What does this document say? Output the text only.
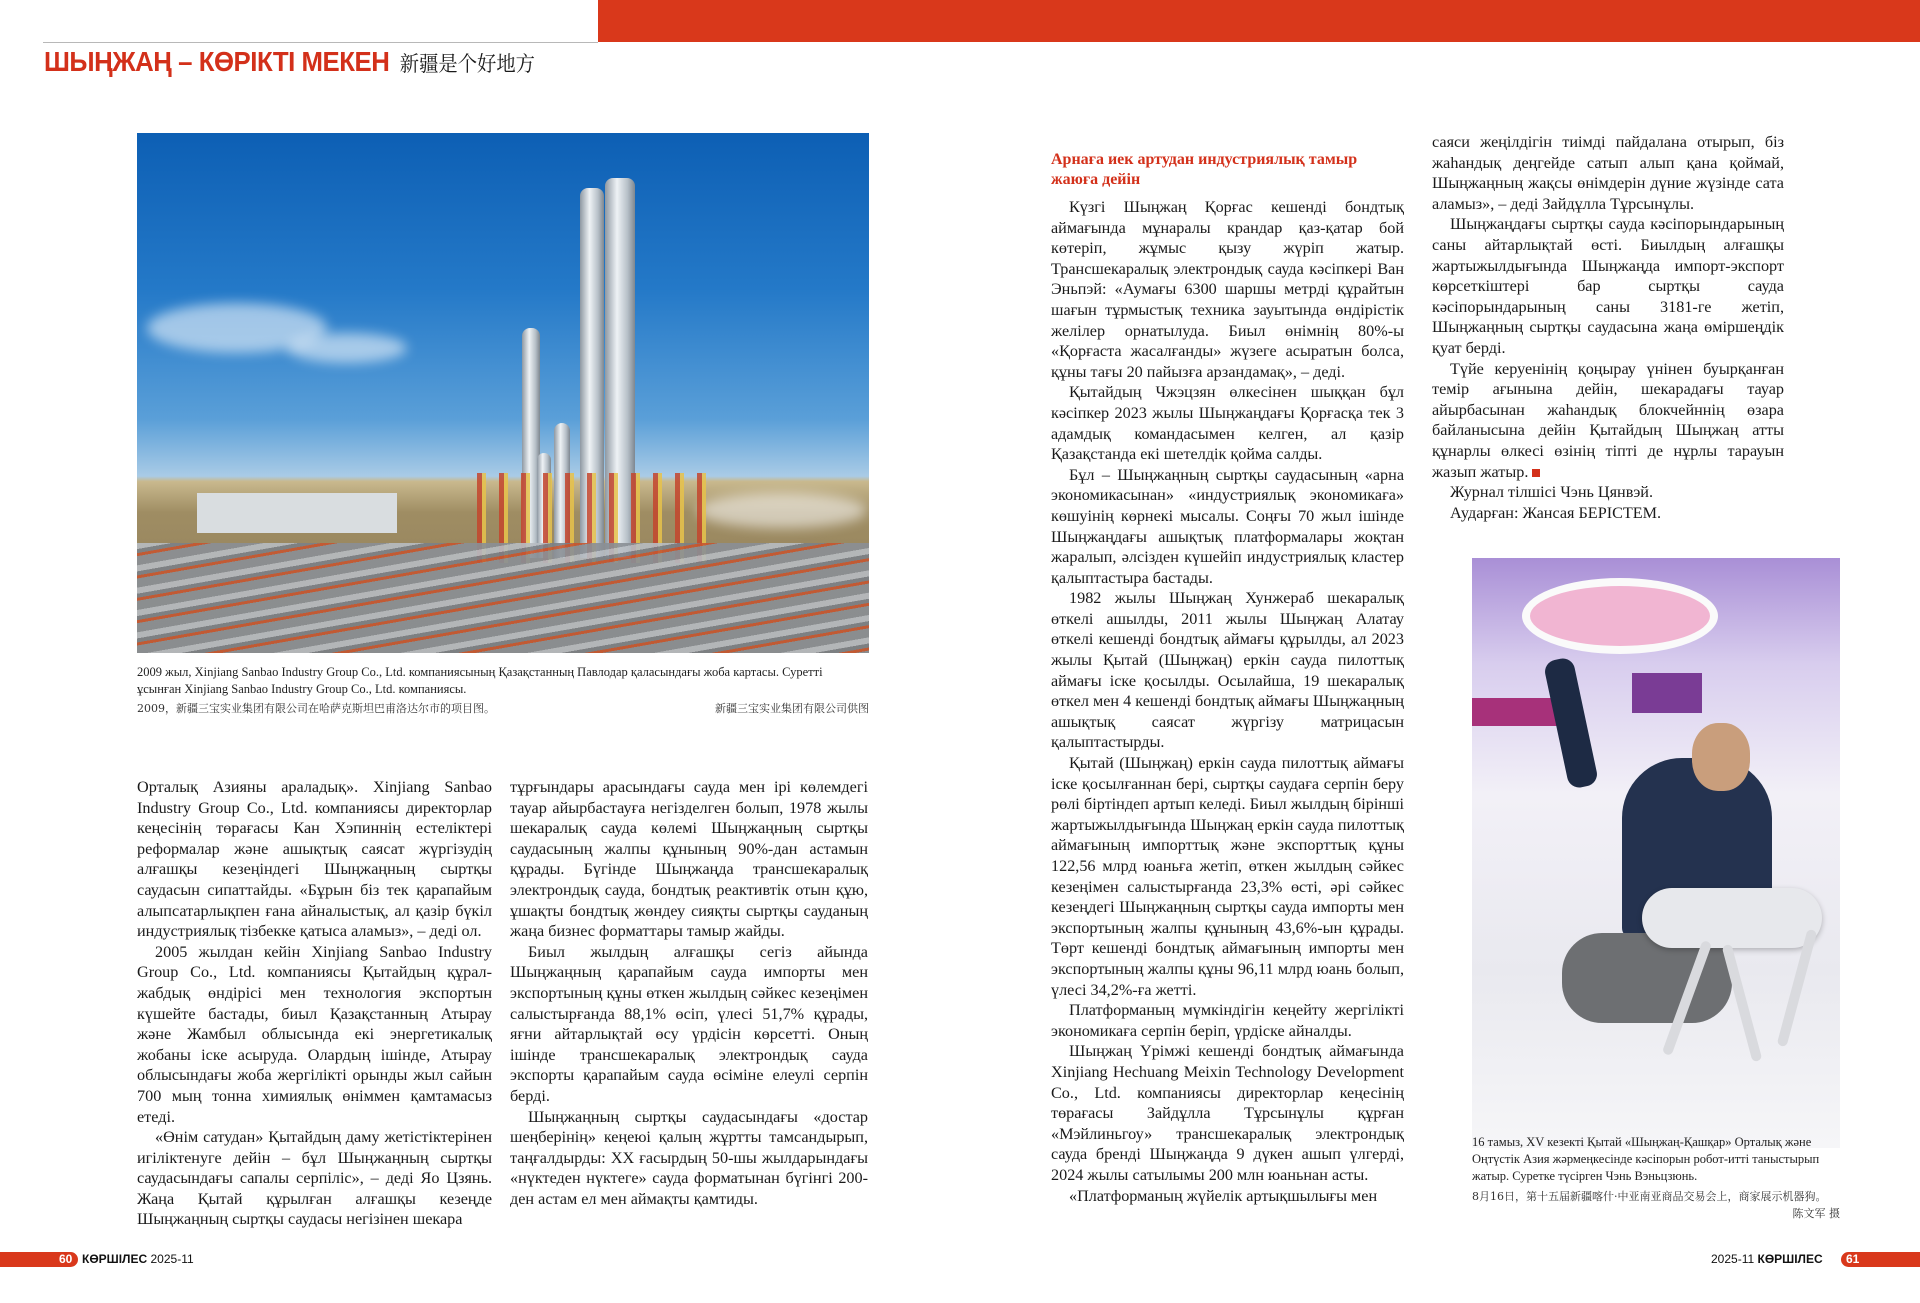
ШЫҢЖАҢ – КӨРІКТІ МЕКЕН 新疆是个好地方
2009 жыл, Xinjiang Sanbao Industry Group Co., Ltd. компаниясының Қазақстанның Павлодар қаласындағы жоба картасы. Суретті ұсынған Xinjiang Sanbao Industry Group Co., Ltd. компаниясы.
2009，新疆三宝实业集团有限公司在哈萨克斯坦巴甫洛达尔市的项目图。	新疆三宝实业集团有限公司供图

Орталық Азияны араладық». Xinjiang Sanbao Industry Group Co., Ltd. компаниясы директорлар кеңесінің төрағасы Кан Хэпиннің естеліктері реформалар және ашықтық саясат жүргізудің алғашқы кезеңіндегі Шыңжаңның сыртқы саудасын сипаттайды. «Бұрын біз тек қарапайым алыпсатарлықпен ғана айналыстық, ал қазір бүкіл индустриялық тізбекке қатыса аламыз», – деді ол.

2005 жылдан кейін Xinjiang Sanbao Industry Group Co., Ltd. компаниясы Қытайдың құрал-жабдық өндірісі мен технология экспортын күшейте бастады, биыл Қазақстанның Атырау және Жамбыл облысында екі энергетикалық жобаны іске асыруда. Олардың ішінде, Атырау облысындағы жоба жергілікті орынды жыл сайын 700 мың тонна химиялық өніммен қамтамасыз етеді.

«Өнім сатудан» Қытайдың даму жетістіктерінен игіліктенуге дейін – бұл Шыңжаңның сыртқы саудасындағы сапалы серпіліс», – деді Яо Цзянь. Жаңа Қытай құрылған алғашқы кезеңде Шыңжаңның сыртқы саудасы негізінен шекара

тұрғындары арасындағы сауда мен ірі көлемдегі тауар айырбастауға негізделген болып, 1978 жылы шекаралық сауда көлемі Шыңжаңның сыртқы саудасының жалпы құнының 90%-дан астамын құрады. Бүгінде Шыңжаңда трансшекаралық электрондық сауда, бондтық реактивтік отын құю, ұшақты бондтық жөндеу сияқты сыртқы сауданың жаңа бизнес форматтары тамыр жайды.

Биыл жылдың алғашқы сегіз айында Шыңжаңның қарапайым сауда импорты мен экспортының құны өткен жылдың сәйкес кезеңімен салыстырғанда 88,1% өсіп, үлесі 51,7% құрады, яғни айтарлықтай өсу үрдісін көрсетті. Оның ішінде трансшекаралық электрондық сауда экспорты қарапайым сауда өсіміне елеулі серпін берді.

Шыңжаңның сыртқы саудасындағы «достар шеңберінің» кеңеюі қалың жұртты тамсандырып, таңғалдырды: XX ғасырдың 50-шы жылдарындағы «нүктеден нүктеге» сауда форматынан бүгінгі 200-ден астам ел мен аймақты қамтиды.

Арнаға иек артудан индустриялық тамыр жаюға дейін

Күзгі Шыңжаң Қорғас кешенді бондтық аймағында мұнаралы крандар қаз-қатар бой көтеріп, жұмыс қызу жүріп жатыр. Трансшекаралық электрондық сауда кәсіпкері Ван Эньпэй: «Аумағы 6300 шаршы метрді құрайтын шағын тұрмыстық техника зауытында өндірістік желілер орнатылуда. Биыл өнімнің 80%-ы «Қорғаста жасалғанды» жүзеге асыратын болса, құны тағы 20 пайызға арзандамақ», – деді.

Қытайдың Чжэцзян өлкесінен шыққан бұл кәсіпкер 2023 жылы Шыңжаңдағы Қорғасқа тек 3 адамдық командасымен келген, ал қазір Қазақстанда екі шетелдік қойма салды.

Бұл – Шыңжаңның сыртқы саудасының «арна экономикасынан» «индустриялық экономикаға» көшуінің көрнекі мысалы. Соңғы 70 жыл ішінде Шыңжаңдағы ашықтық платформалары жоқтан жаралып, әлсізден күшейіп индустриялық кластер қалыптастыра бастады.

1982 жылы Шыңжаң Хунжераб шекаралық өткелі ашылды, 2011 жылы Шыңжаң Алатау өткелі кешенді бондтық аймағы құрылды, ал 2023 жылы Қытай (Шыңжаң) еркін сауда пилоттық аймағы іске қосылды. Осылайша, 19 шекаралық өткел мен 4 кешенді бондтық аймағы Шыңжаңның ашықтық саясат жүргізу матрицасын қалыптастырды.

Қытай (Шыңжаң) еркін сауда пилоттық аймағы іске қосылғаннан бері, сыртқы саудаға серпін беру рөлі біртіндеп артып келеді. Биыл жылдың бірінші жартыжылдығында Шыңжаң еркін сауда пилоттық аймағының импорттық және экспорттық құны 122,56 млрд юаньға жетіп, өткен жылдың сәйкес кезеңімен салыстырғанда 23,3% өсті, әрі сәйкес кезеңдегі Шыңжаңның сыртқы сауда импорты мен экспортының жалпы құнының 43,6%-ын құрады. Төрт кешенді бондтық аймағының импорты мен экспортының жалпы құны 96,11 млрд юань болып, үлесі 34,2%-ға жетті.

Платформаның мүмкіндігін кеңейту жергілікті экономикаға серпін беріп, үрдіске айналды.

Шыңжаң Үрімжі кешенді бондтық аймағында Xinjiang Hechuang Meixin Technology Development Co., Ltd. компаниясы директорлар кеңесінің төрағасы Зайдұлла Тұрсынұлы құрған «Мэйлиньгоу» трансшекаралық электрондық сауда бренді Шыңжаңда 9 дүкен ашып үлгерді, 2024 жылы сатылымы 200 млн юаньнан асты.

«Платформаның жүйелік артықшылығы мен

саяси жеңілдігін тиімді пайдалана отырып, біз жаһандық деңгейде сатып алып қана қоймай, Шыңжаңның жақсы өнімдерін дүние жүзінде сата аламыз», – деді Зайдұлла Тұрсынұлы.

Шыңжаңдағы сыртқы сауда кәсіпорындарының саны айтарлықтай өсті. Биылдың алғашқы жартыжылдығында Шыңжаңда импорт-экспорт көрсеткіштері бар сыртқы сауда кәсіпорындарының саны 3181-ге жетіп, Шыңжаңның сыртқы саудасына жаңа өміршеңдік қуат берді.

Түйе керуенінің қоңырау үнінен буырқанған темір ағынына дейін, шекарадағы тауар айырбасынан жаһандық блокчейннің өзара байланысына дейін Қытайдың Шыңжаң атты құнарлы өлкесі өзінің тіпті де нұрлы тарауын жазып жатыр.

Журнал тілшісі Чэнь Цянвэй.

Аударған: Жансая БЕРІСТЕМ.

16 тамыз, XV кезекті Қытай «Шыңжаң-Қашқар» Орталық және Оңтүстік Азия жәрмеңкесінде кәсіпорын робот-итті таныстырып жатыр. Суретке түсірген Чэнь Вэньцзюнь.
8月16日，第十五届新疆喀什·中亚南亚商品交易会上，商家展示机器狗。
陈文军 摄
60 КӨРШІЛЕС 2025-11	2025-11 КӨРШІЛЕС 61
